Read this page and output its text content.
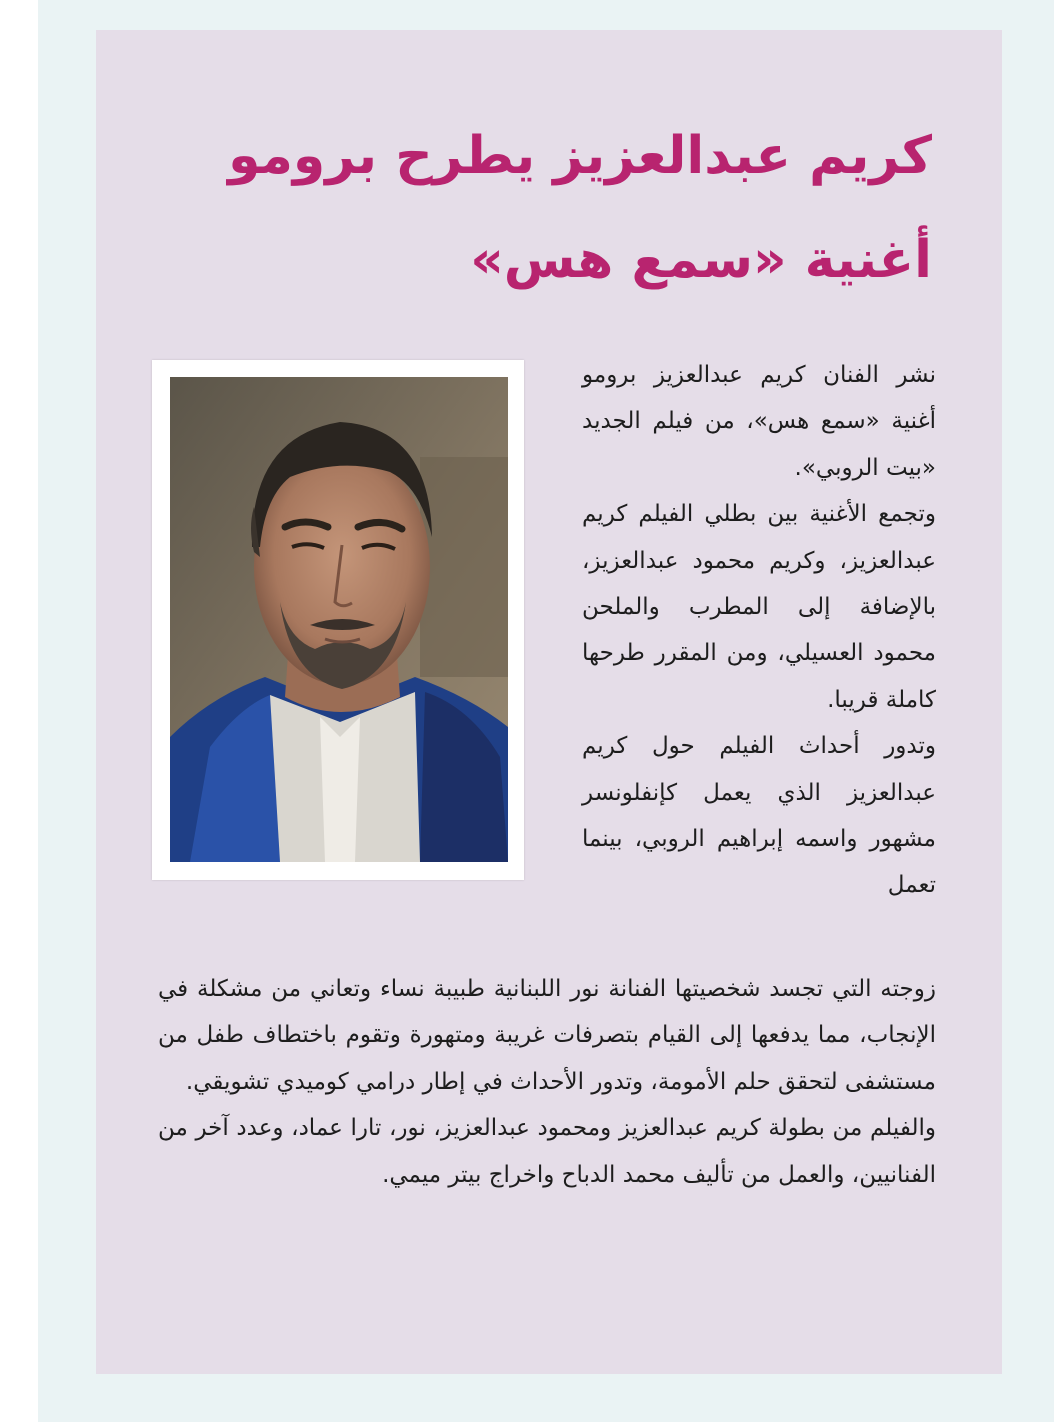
كريم عبدالعزيز يطرح برومو
أغنية «سمع هس»
نشر الفنان كريم عبدالعزيز برومو أغنية «سمع هس»، من فيلم الجديد «بيت الروبي».
وتجمع الأغنية بين بطلي الفيلم كريم عبدالعزيز، وكريم محمود عبدالعزيز، بالإضافة إلى المطرب والملحن محمود العسيلي، ومن المقرر طرحها كاملة قريبا.
وتدور أحداث الفيلم حول كريم عبدالعزيز الذي يعمل كإنفلونسر مشهور واسمه إبراهيم الروبي، بينما تعمل
زوجته التي تجسد شخصيتها الفنانة نور اللبنانية طبيبة نساء وتعاني من مشكلة في الإنجاب، مما يدفعها إلى القيام بتصرفات غريبة ومتهورة وتقوم باختطاف طفل من مستشفى لتحقق حلم الأمومة، وتدور الأحداث في إطار درامي كوميدي تشويقي.
والفيلم من بطولة كريم عبدالعزيز ومحمود عبدالعزيز، نور، تارا عماد، وعدد آخر من الفنانيين، والعمل من تأليف محمد الدباح واخراج بيتر ميمي.
